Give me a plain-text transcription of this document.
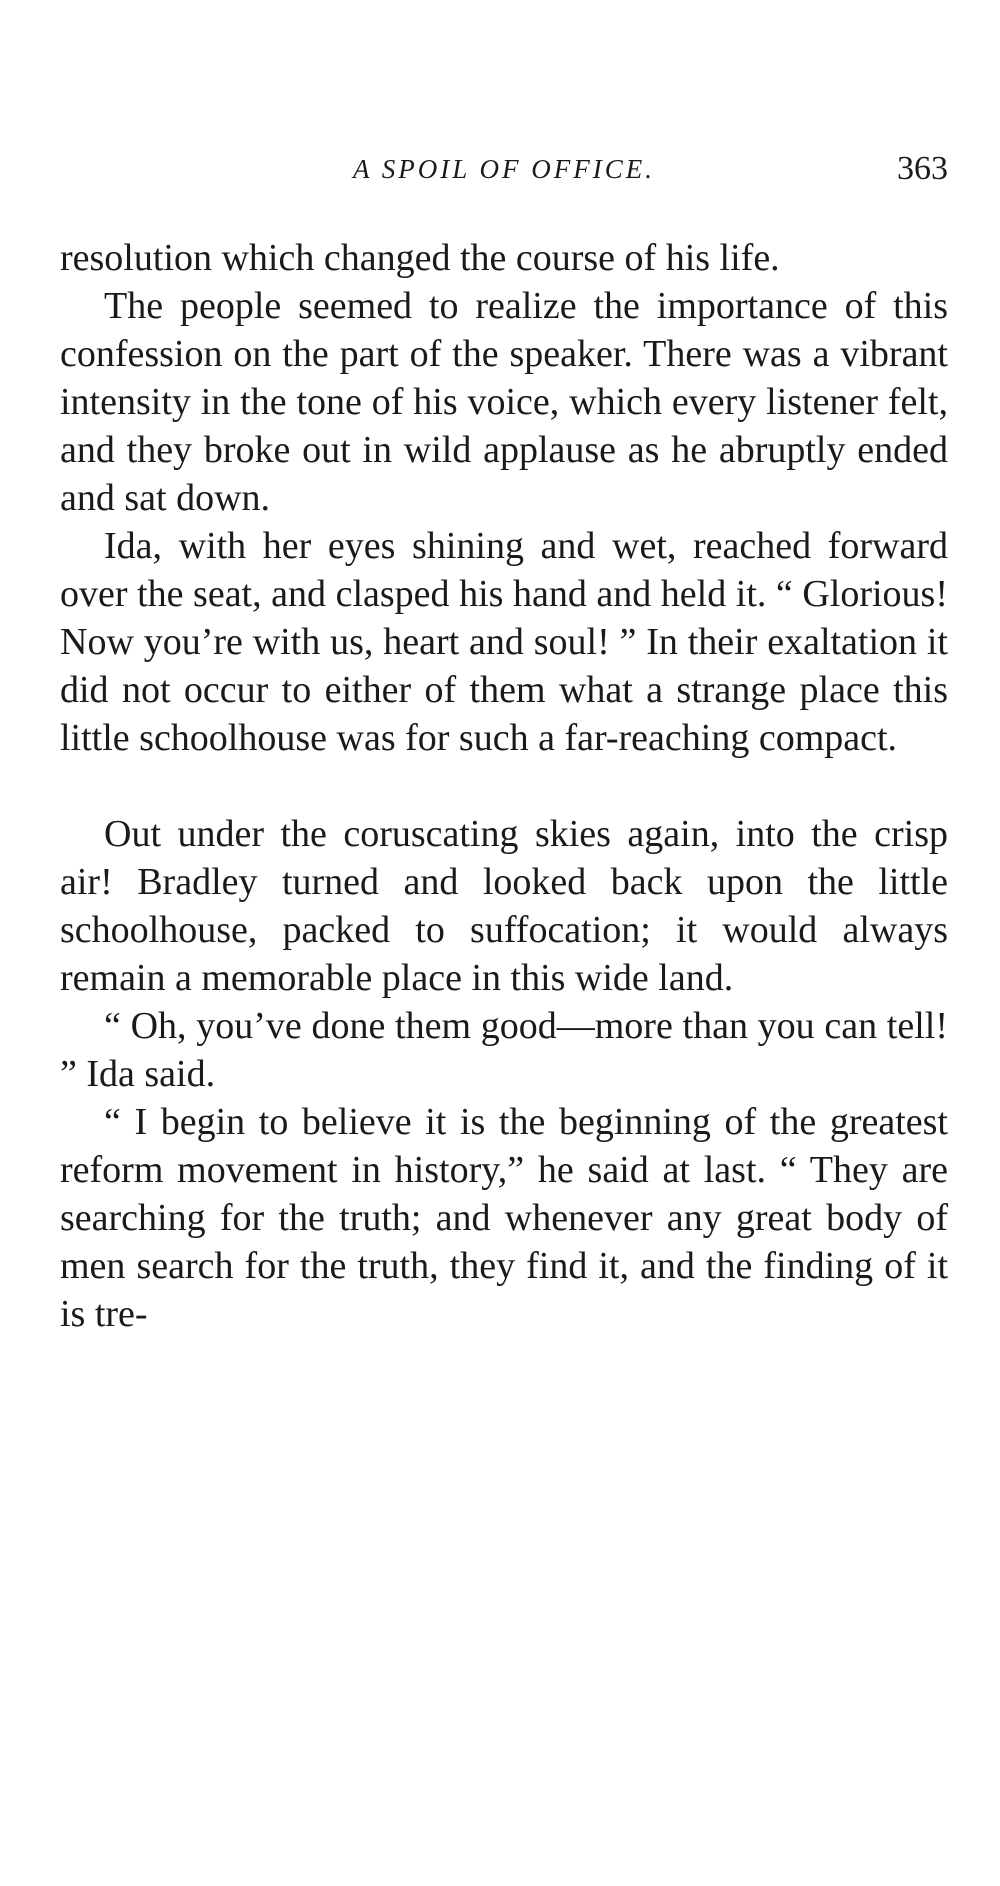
A SPOIL OF OFFICE.	363

resolution which changed the course of his life.

The people seemed to realize the importance of this confession on the part of the speaker. There was a vibrant intensity in the tone of his voice, which every listener felt, and they broke out in wild applause as he abruptly ended and sat down.

Ida, with her eyes shining and wet, reached forward over the seat, and clasped his hand and held it. “ Glorious! Now you’re with us, heart and soul! ” In their exaltation it did not occur to either of them what a strange place this little schoolhouse was for such a far-reaching compact.

Out under the coruscating skies again, into the crisp air! Bradley turned and looked back upon the little schoolhouse, packed to suffocation; it would always remain a memorable place in this wide land.

“ Oh, you’ve done them good—more than you can tell! ” Ida said.

“ I begin to believe it is the beginning of the greatest reform movement in history,” he said at last. “ They are searching for the truth; and whenever any great body of men search for the truth, they find it, and the finding of it is tre-
